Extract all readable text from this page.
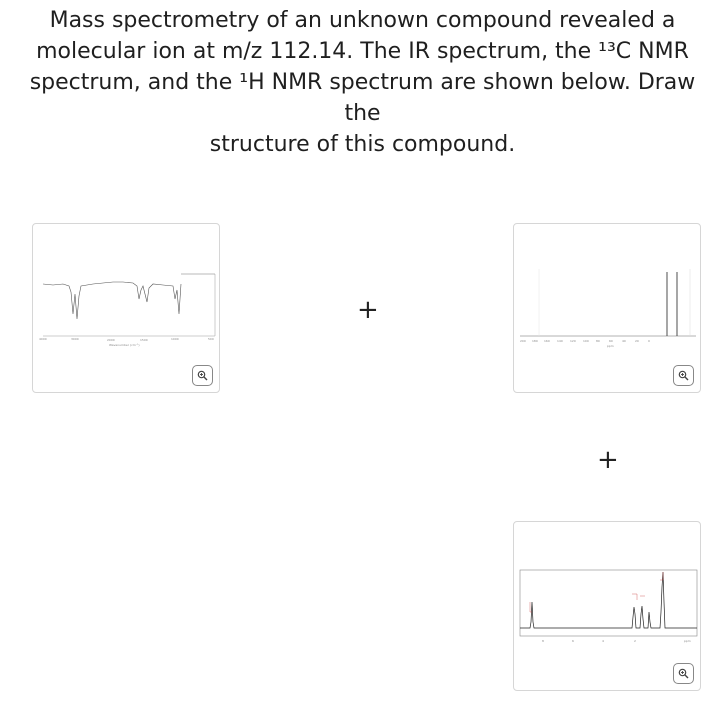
Mass spectrometry of an unknown compound revealed a
molecular ion at m/z 112.14. The IR spectrum, the ¹³C NMR
spectrum, and the ¹H NMR spectrum are shown below. Draw the
structure of this compound.
4000	3000	2000	1500	1000	500
Wavenumber (cm⁻¹)
+
200 180 160 140 120 100 80	60	40	20	0
ppm
+
8	6	4	2	ppm
